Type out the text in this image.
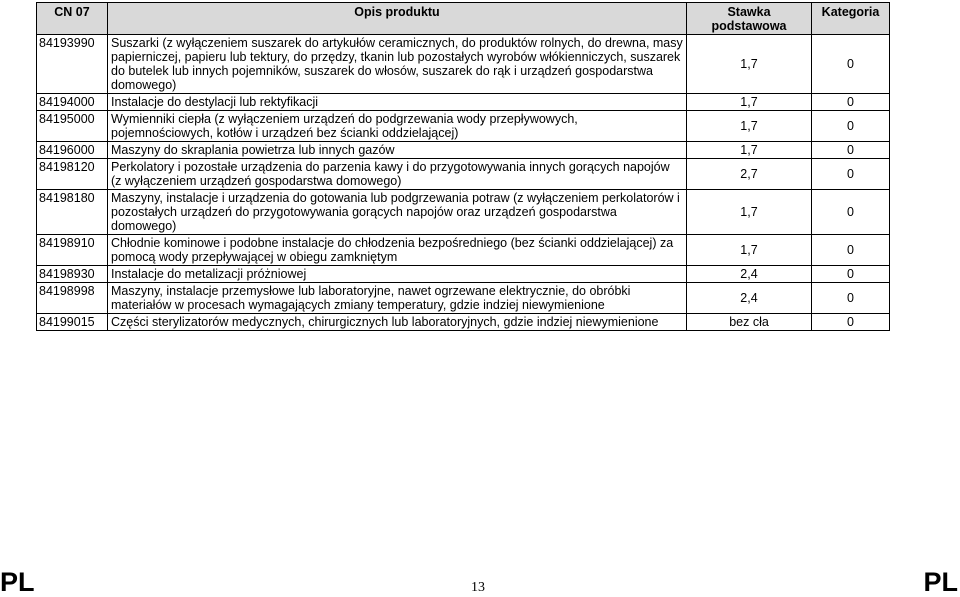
CN 07	Opis produktu	Stawka podstawowa	Kategoria
84193990	Suszarki (z wyłączeniem suszarek do artykułów ceramicznych, do produktów rolnych, do drewna, masy papierniczej, papieru lub tektury, do przędzy, tkanin lub pozostałych wyrobów włókienniczych, suszarek do butelek lub innych pojemników, suszarek do włosów, suszarek do rąk i urządzeń gospodarstwa domowego)	1,7	0
84194000	Instalacje do destylacji lub rektyfikacji	1,7	0
84195000	Wymienniki ciepła (z wyłączeniem urządzeń do podgrzewania wody przepływowych, pojemnościowych, kotłów i urządzeń bez ścianki oddzielającej)	1,7	0
84196000	Maszyny do skraplania powietrza lub innych gazów	1,7	0
84198120	Perkolatory i pozostałe urządzenia do parzenia kawy i do przygotowywania innych gorących napojów (z wyłączeniem urządzeń gospodarstwa domowego)	2,7	0
84198180	Maszyny, instalacje i urządzenia do gotowania lub podgrzewania potraw (z wyłączeniem perkolatorów i pozostałych urządzeń do przygotowywania gorących napojów oraz urządzeń gospodarstwa domowego)	1,7	0
84198910	Chłodnie kominowe i podobne instalacje do chłodzenia bezpośredniego (bez ścianki oddzielającej) za pomocą wody przepływającej w obiegu zamkniętym	1,7	0
84198930	Instalacje do metalizacji próżniowej	2,4	0
84198998	Maszyny, instalacje przemysłowe lub laboratoryjne, nawet ogrzewane elektrycznie, do obróbki materiałów w procesach wymagających zmiany temperatury, gdzie indziej niewymienione	2,4	0
84199015	Części sterylizatorów medycznych, chirurgicznych lub laboratoryjnych, gdzie indziej niewymienione	bez cła	0
PL	13	PL
